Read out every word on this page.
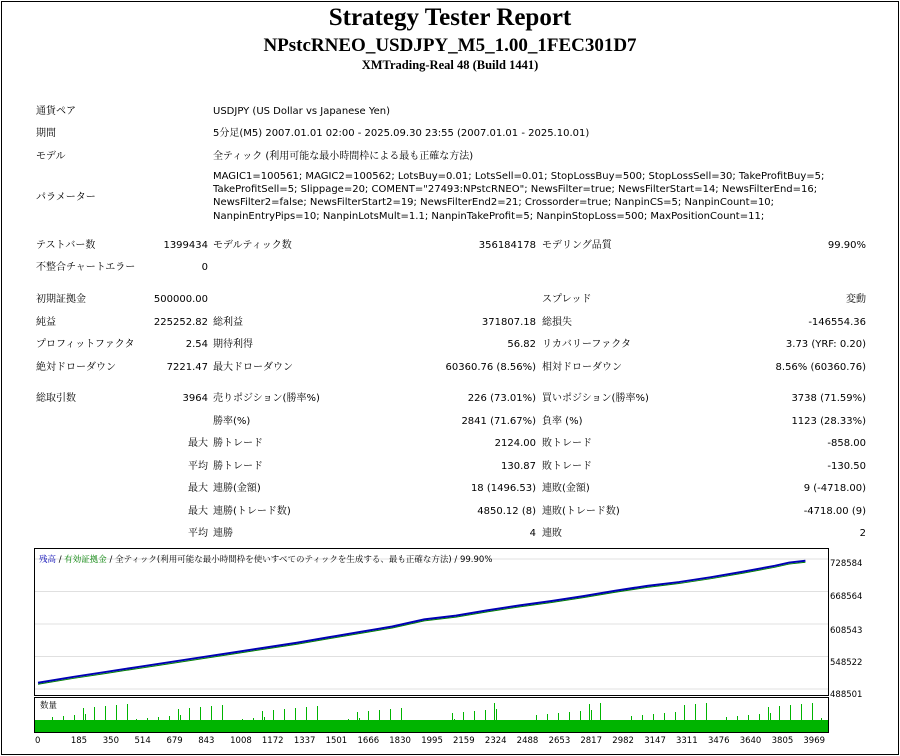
Strategy Tester Report
NPstcRNEO_USDJPY_M5_1.00_1FEC301D7
XMTrading-Real 48 (Build 1441)
通貨ペア	USDJPY (US Dollar vs Japanese Yen)
期間	5分足(M5) 2007.01.01 02:00 - 2025.09.30 23:55 (2007.01.01 - 2025.10.01)
モデル	全ティック (利用可能な最小時間枠による最も正確な方法)
パラメーター
MAGIC1=100561; MAGIC2=100562; LotsBuy=0.01; LotsSell=0.01; StopLossBuy=500; StopLossSell=30; TakeProfitBuy=5; TakeProfitSell=5; Slippage=20; COMENT="27493:NPstcRNEO"; NewsFilter=true; NewsFilterStart=14; NewsFilterEnd=16; NewsFilter2=false; NewsFilterStart2=19; NewsFilterEnd2=21; Crossorder=true; NanpinCS=5; NanpinCount=10; NanpinEntryPips=10; NanpinLotsMult=1.1; NanpinTakeProfit=5; NanpinStopLoss=500; MaxPositionCount=11;
テストバー数	1399434 モデルティック数	356184178 モデリング品質	99.90%
不整合チャートエラー	0
初期証拠金	500000.00	スプレッド	変動
純益	225252.82 総利益	371807.18 総損失	-146554.36
プロフィットファクタ	2.54 期待利得	56.82 リカバリーファクタ	3.73 (YRF: 0.20)
絶対ドローダウン	7221.47 最大ドローダウン	60360.76 (8.56%) 相対ドローダウン	8.56% (60360.76)
総取引数	3964 売りポジション(勝率%)	226 (73.01%) 買いポジション(勝率%)	3738 (71.59%)
勝率(%)	2841 (71.67%) 負率 (%)	1123 (28.33%)
最大 勝トレード	2124.00 敗トレード	-858.00
平均 勝トレード	130.87 敗トレード	-130.50
最大 連勝(金額)	18 (1496.53) 連敗(金額)	9 (-4718.00)
最大 連勝(トレード数)	4850.12 (8) 連敗(トレード数)	-4718.00 (9)
平均 連勝	4 連敗	2
残高 / 有効証拠金 / 全ティック(利用可能な最小時間枠を使いすべてのティックを生成する、最も正確な方法) / 99.90%	728584
668564
608543
548522
488501
数量
0	185 350 514 679 843 1008 1172 1337 1501 1666 1830 1995 2159 2324 2488 2653 2817 2982 3147 3311 3476 3640 3805 3969
